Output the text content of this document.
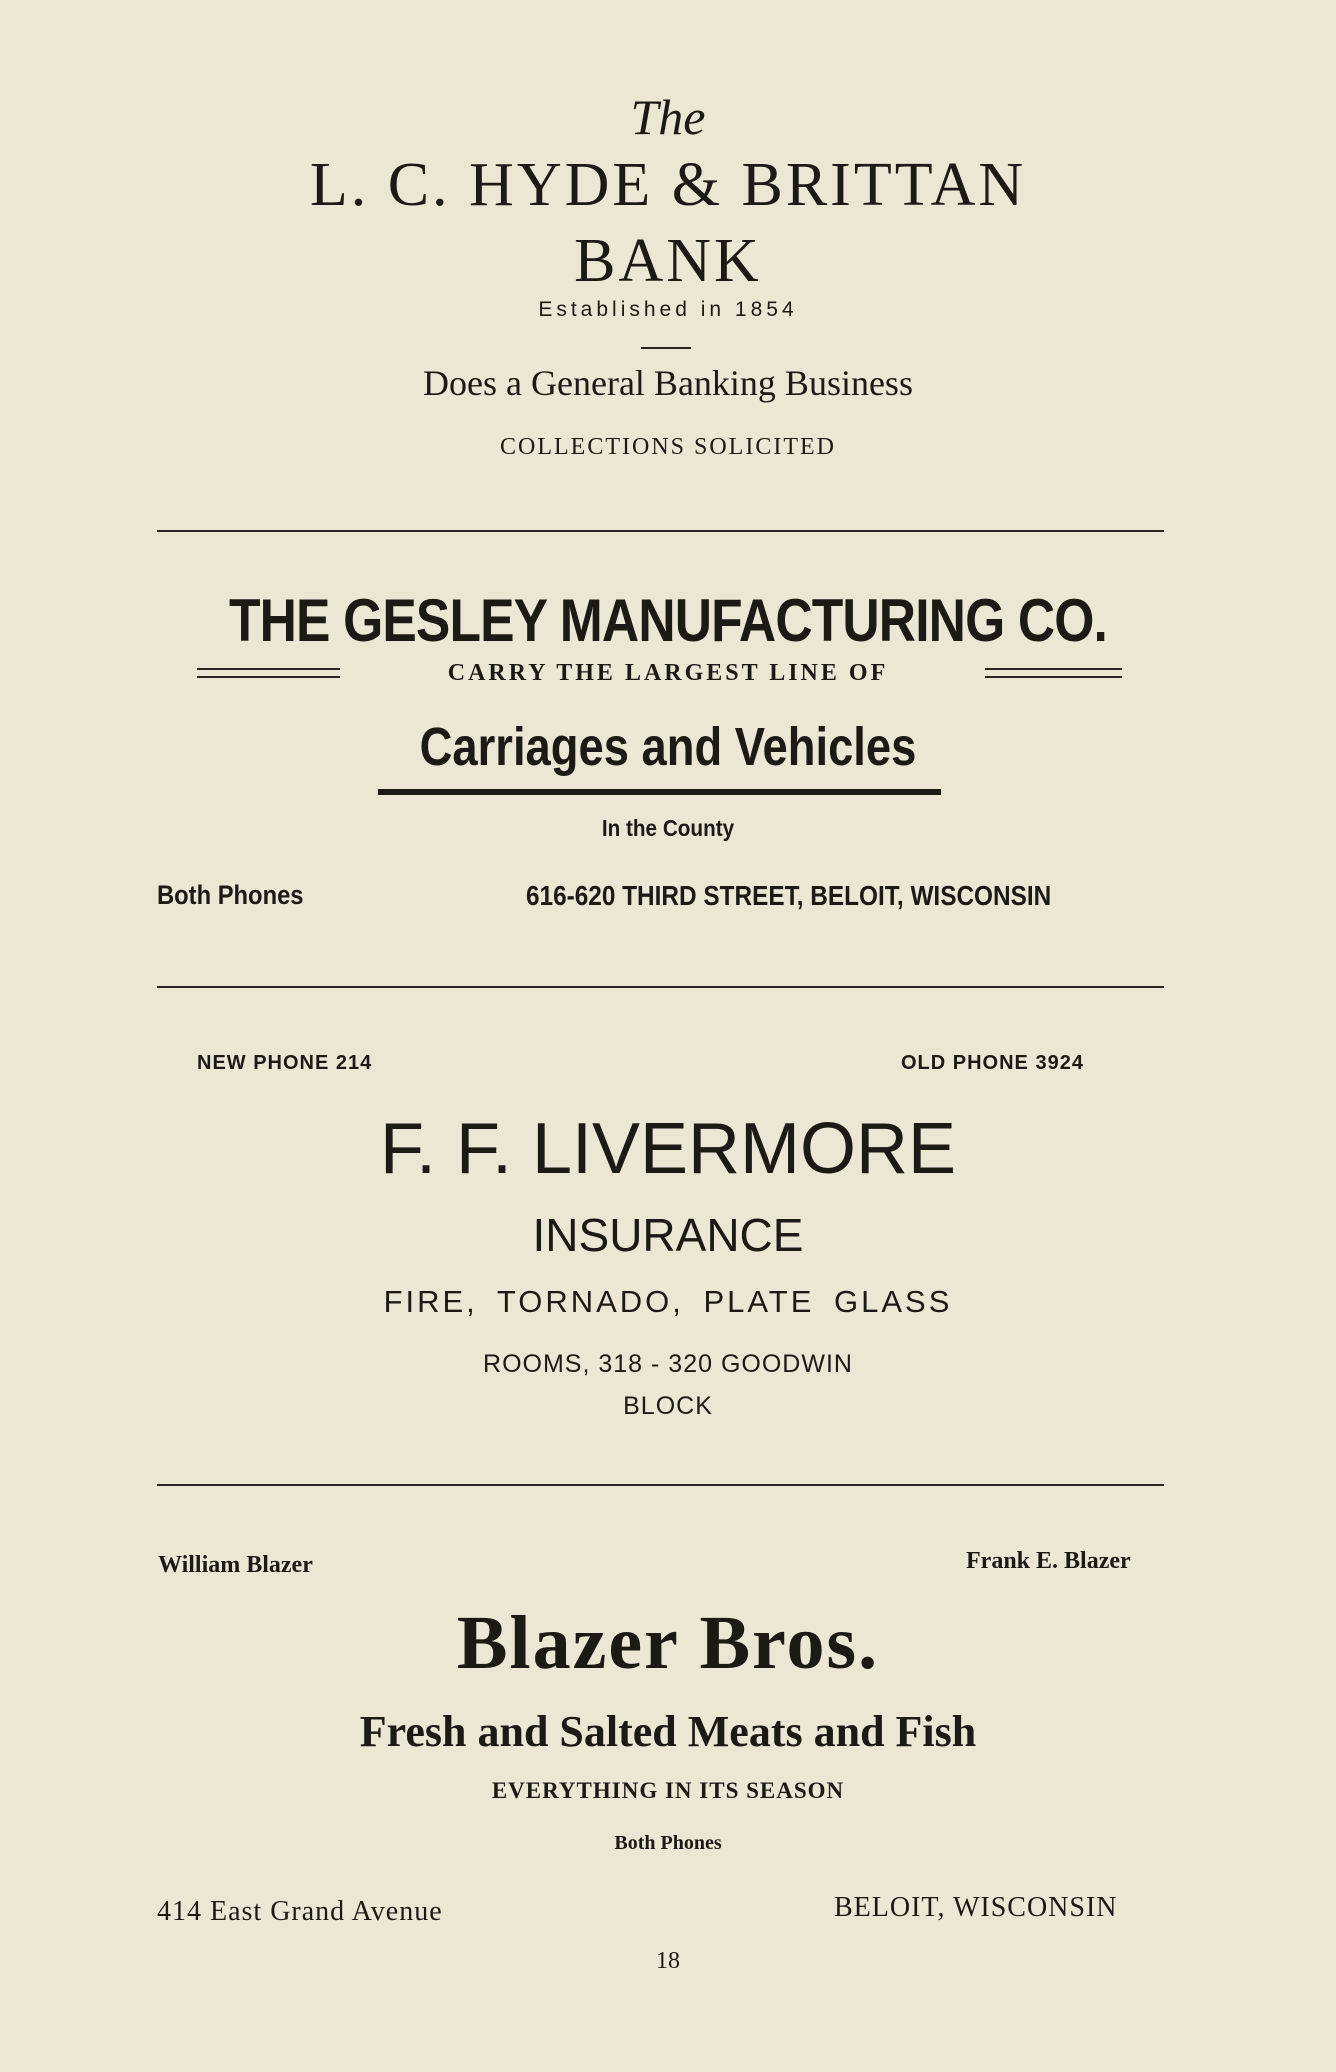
The

L. C. HYDE & BRITTAN

BANK

Established in 1854

Does a General Banking Business

COLLECTIONS SOLICITED

THE GESLEY MANUFACTURING CO.

CARRY THE LARGEST LINE OF

Carriages and Vehicles

In the County

Both Phones	616-620 THIRD STREET, BELOIT, WISCONSIN

NEW PHONE 214	OLD PHONE 3924

F. F. LIVERMORE

INSURANCE

FIRE, TORNADO, PLATE GLASS

ROOMS, 318 - 320 GOODWIN

BLOCK

William Blazer	Frank E. Blazer

Blazer Bros.

Fresh and Salted Meats and Fish

EVERYTHING IN ITS SEASON

Both Phones

414 East Grand Avenue	BELOIT, WISCONSIN

18
